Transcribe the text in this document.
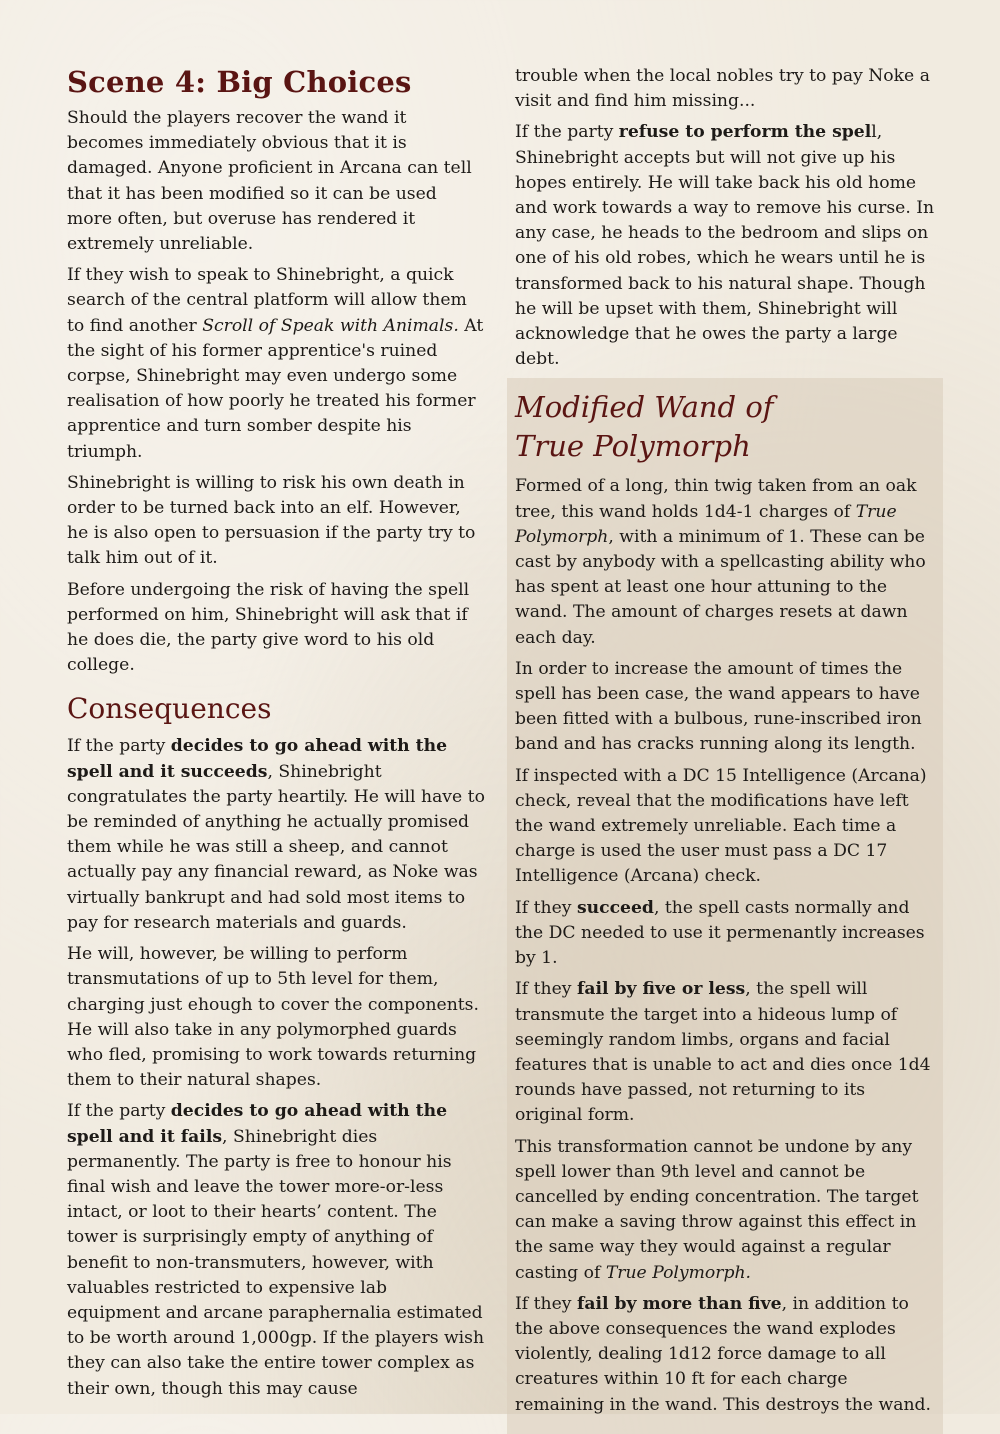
Scene 4: Big Choices

Should the players recover the wand it becomes immediately obvious that it is damaged. Anyone proficient in Arcana can tell that it has been modified so it can be used more often, but overuse has rendered it extremely unreliable.

If they wish to speak to Shinebright, a quick search of the central platform will allow them to find another Scroll of Speak with Animals. At the sight of his former apprentice's ruined corpse, Shinebright may even undergo some realisation of how poorly he treated his former apprentice and turn somber despite his triumph.

Shinebright is willing to risk his own death in order to be turned back into an elf. However, he is also open to persuasion if the party try to talk him out of it.

Before undergoing the risk of having the spell performed on him, Shinebright will ask that if he does die, the party give word to his old college.

Consequences

If the party decides to go ahead with the spell and it succeeds, Shinebright congratulates the party heartily. He will have to be reminded of anything he actually promised them while he was still a sheep, and cannot actually pay any financial reward, as Noke was virtually bankrupt and had sold most items to pay for research materials and guards.

He will, however, be willing to perform transmutations of up to 5th level for them, charging just ehough to cover the components. He will also take in any polymorphed guards who fled, promising to work towards returning them to their natural shapes.

If the party decides to go ahead with the spell and it fails, Shinebright dies permanently. The party is free to honour his final wish and leave the tower more-or-less intact, or loot to their hearts’ content. The tower is surprisingly empty of anything of benefit to non-transmuters, however, with valuables restricted to expensive lab equipment and arcane paraphernalia estimated to be worth around 1,000gp. If the players wish they can also take the entire tower complex as their own, though this may cause

trouble when the local nobles try to pay Noke a visit and find him missing...

If the party refuse to perform the spell, Shinebright accepts but will not give up his hopes entirely. He will take back his old home and work towards a way to remove his curse. In any case, he heads to the bedroom and slips on one of his old robes, which he wears until he is transformed back to his natural shape. Though he will be upset with them, Shinebright will acknowledge that he owes the party a large debt.

Modified Wand of
True Polymorph

Formed of a long, thin twig taken from an oak tree, this wand holds 1d4-1 charges of True Polymorph, with a minimum of 1. These can be cast by anybody with a spellcasting ability who has spent at least one hour attuning to the wand. The amount of charges resets at dawn each day.

In order to increase the amount of times the spell has been case, the wand appears to have been fitted with a bulbous, rune-inscribed iron band and has cracks running along its length.

If inspected with a DC 15 Intelligence (Arcana) check, reveal that the modifications have left the wand extremely unreliable. Each time a charge is used the user must pass a DC 17 Intelligence (Arcana) check.

If they succeed, the spell casts normally and the DC needed to use it permenantly increases by 1.

If they fail by five or less, the spell will transmute the target into a hideous lump of seemingly random limbs, organs and facial features that is unable to act and dies once 1d4 rounds have passed, not returning to its original form.

This transformation cannot be undone by any spell lower than 9th level and cannot be cancelled by ending concentration. The target can make a saving throw against this effect in the same way they would against a regular casting of True Polymorph.

If they fail by more than five, in addition to the above consequences the wand explodes violently, dealing 1d12 force damage to all creatures within 10 ft for each charge remaining in the wand. This destroys the wand.
